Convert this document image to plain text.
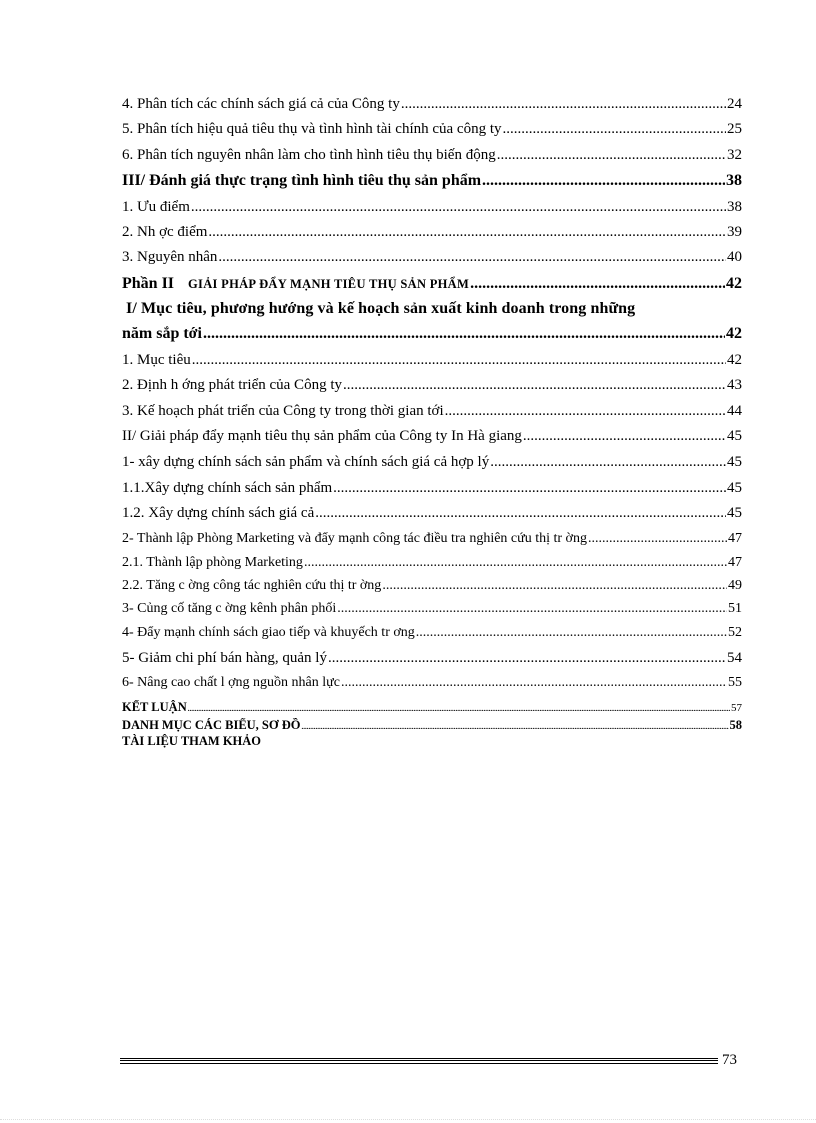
4. Phân tích các chính sách giá cả của Công ty .....	24
5. Phân tích hiệu quả tiêu thụ và tình hình tài chính của công ty .....	25
6. Phân tích nguyên nhân làm cho tình hình tiêu thụ biến động .....	32
III/ Đánh giá thực trạng tình hình tiêu thụ sản phẩm .....	38
1. Ưu điểm .....	38
2. Nh ợc điểm .....	39
3. Nguyên nhân .....	40
Phần II GIẢI PHÁP ĐẨY MẠNH TIÊU THỤ SẢN PHẨM .....	42
I/ Mục tiêu, phương hướng và kế hoạch sản xuất kinh doanh trong những
năm sắp tới .....	42
1. Mục tiêu .....	42
2. Định h ớng phát triển của Công ty .....	43
3. Kế hoạch phát triển của Công ty trong thời gian tới .....	44
II/ Giải pháp đẩy mạnh tiêu thụ sản phẩm của Công ty In Hà giang .....	45
1- xây dựng chính sách sản phẩm và chính sách giá cả hợp lý .....	45
1.1.Xây dựng chính sách sản phẩm .....	45
1.2. Xây dựng chính sách giá cả .....	45
2- Thành lập Phòng Marketing và đẩy mạnh công tác điều tra nghiên cứu thị tr ờng .....	47
2.1. Thành lập phòng Marketing .....	47
2.2. Tăng c ờng công tác nghiên cứu thị tr ờng .....	49
3- Củng cố tăng c ờng kênh phân phối .....	51
4- Đẩy mạnh chính sách giao tiếp và khuyếch tr ơng .....	52
5- Giảm chi phí bán hàng, quản lý .....	54
6- Nâng cao chất l ợng nguồn nhân lực .....	55
KẾT LUẬN .....	57
DANH MỤC CÁC BIỂU, SƠ ĐỒ .....	58
TÀI LIỆU THAM KHẢO
73
